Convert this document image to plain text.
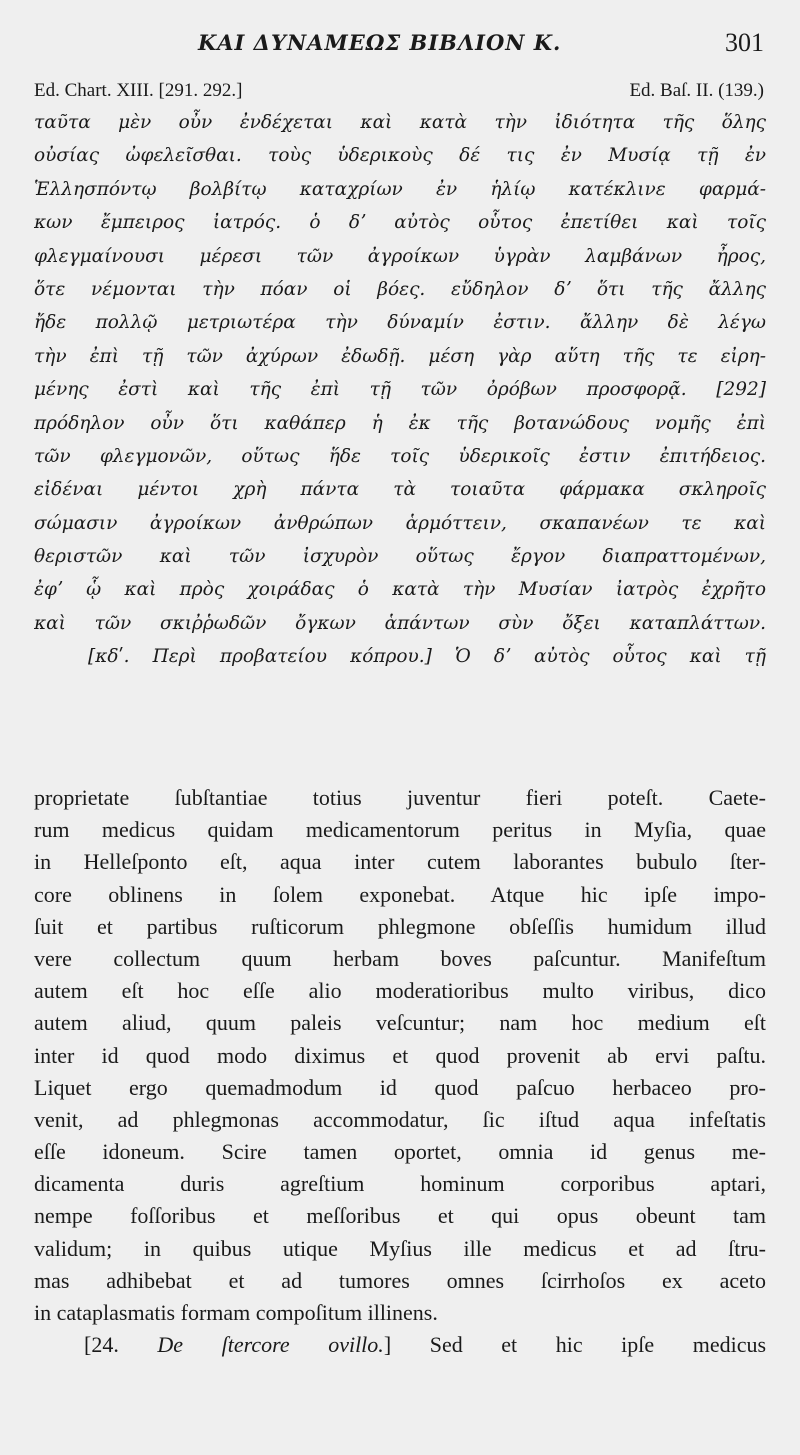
ΚΑΙ ΔΥΝΑΜΕΩΣ ΒΙΒΛΙΟΝ Κ.	301
Ed. Chart. XIII. [291. 292.]	Ed. Baſ. II. (139.)
ταῦτα μὲν οὖν ἐνδέχεται καὶ κατὰ τὴν ἰδιότητα τῆς ὅλης
οὐσίας ὠφελεῖσθαι. τοὺς ὑδερικοὺς δέ τις ἐν Μυσίᾳ τῇ ἐν
Ἑλλησπόντῳ βολβίτῳ καταχρίων ἐν ἡλίῳ κατέκλινε φαρμά-
κων ἔμπειρος ἰατρός. ὁ δʼ αὐτὸς οὗτος ἐπετίθει καὶ τοῖς
φλεγμαίνουσι μέρεσι τῶν ἀγροίκων ὑγρὰν λαμβάνων ἦρος,
ὅτε νέμονται τὴν πόαν οἱ βόες. εὔδηλον δʼ ὅτι τῆς ἄλλης
ἤδε πολλῷ μετριωτέρα τὴν δύναμίν ἐστιν. ἄλλην δὲ λέγω
τὴν ἐπὶ τῇ τῶν ἀχύρων ἐδωδῇ. μέση γὰρ αὕτη τῆς τε εἰρη-
μένης ἐστὶ καὶ τῆς ἐπὶ τῇ τῶν ὀρόβων προσφορᾷ. [292]
πρόδηλον οὖν ὅτι καθάπερ ἡ ἐκ τῆς βοτανώδους νομῆς ἐπὶ
τῶν φλεγμονῶν, οὕτως ἥδε τοῖς ὑδερικοῖς ἐστιν ἐπιτήδειος.
εἰδέναι μέντοι χρὴ πάντα τὰ τοιαῦτα φάρμακα σκληροῖς
σώμασιν ἀγροίκων ἀνθρώπων ἁρμόττειν, σκαπανέων τε καὶ
θεριστῶν καὶ τῶν ἰσχυρὸν οὕτως ἔργον διαπραττομένων,
ἐφʼ ᾧ καὶ πρὸς χοιράδας ὁ κατὰ τὴν Μυσίαν ἰατρὸς ἐχρῆτο
καὶ τῶν σκιῤῥωδῶν ὄγκων ἁπάντων σὺν ὄξει καταπλάττων.
[κδʹ. Περὶ προβατείου κόπρου.] Ὁ δʼ αὐτὸς οὗτος καὶ τῇ
proprietate ſubſtantiae totius juventur fieri poteſt. Caete-
rum medicus quidam medicamentorum peritus in Myſia, quae
in Helleſponto eſt, aqua inter cutem laborantes bubulo ſter-
core oblinens in ſolem exponebat. Atque hic ipſe impo-
ſuit et partibus ruſticorum phlegmone obſeſſis humidum illud
vere collectum quum herbam boves paſcuntur. Manifeſtum
autem eſt hoc eſſe alio moderatioribus multo viribus, dico
autem aliud, quum paleis veſcuntur; nam hoc medium eſt
inter id quod modo diximus et quod provenit ab ervi paſtu.
Liquet ergo quemadmodum id quod paſcuo herbaceo pro-
venit, ad phlegmonas accommodatur, ſic iſtud aqua infeſtatis
eſſe idoneum. Scire tamen oportet, omnia id genus me-
dicamenta duris agreſtium hominum corporibus aptari,
nempe foſſoribus et meſſoribus et qui opus obeunt tam
validum; in quibus utique Myſius ille medicus et ad ſtru-
mas adhibebat et ad tumores omnes ſcirrhoſos ex aceto
in cataplasmatis formam compoſitum illinens.
[24. De ſtercore ovillo.] Sed et hic ipſe medicus
